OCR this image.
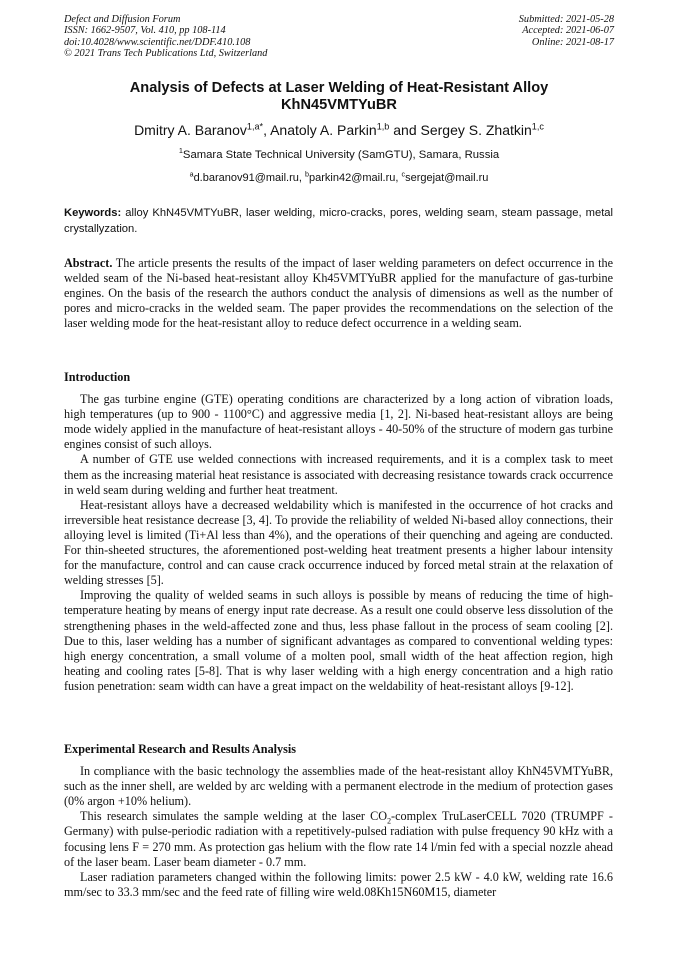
Defect and Diffusion Forum
ISSN: 1662-9507, Vol. 410, pp 108-114
doi:10.4028/www.scientific.net/DDF.410.108
© 2021 Trans Tech Publications Ltd, Switzerland
Submitted: 2021-05-28
Accepted: 2021-06-07
Online: 2021-08-17
Analysis of Defects at Laser Welding of Heat-Resistant Alloy
KhN45VMTYuBR
Dmitry A. Baranov$^{1,a*}$, Anatoly A. Parkin$^{1,b}$ and Sergey S. Zhatkin$^{1,c}$
$^1$Samara State Technical University (SamGTU), Samara, Russia
$^a$d.baranov91@mail.ru, $^b$parkin42@mail.ru, $^c$sergejat@mail.ru
Keywords: alloy KhN45VMTYuBR, laser welding, micro-cracks, pores, welding seam, steam passage, metal crystallyzation.

Abstract. The article presents the results of the impact of laser welding parameters on defect occurrence in the welded seam of the Ni-based heat-resistant alloy Kh45VMTYuBR applied for the manufacture of gas-turbine engines. On the basis of the research the authors conduct the analysis of dimensions as well as the number of pores and micro-cracks in the welded seam. The paper provides the recommendations on the selection of the laser welding mode for the heat-resistant alloy to reduce defect occurrence in a welding seam.

Introduction

The gas turbine engine (GTE) operating conditions are characterized by a long action of vibration loads, high temperatures (up to 900 - 1100°C) and aggressive media [1, 2]. Ni-based heat-resistant alloys are being mode widely applied in the manufacture of heat-resistant alloys - 40-50% of the structure of modern gas turbine engines consist of such alloys.

A number of GTE use welded connections with increased requirements, and it is a complex task to meet them as the increasing material heat resistance is associated with decreasing resistance towards crack occurrence in weld seam during welding and further heat treatment.

Heat-resistant alloys have a decreased weldability which is manifested in the occurrence of hot cracks and irreversible heat resistance decrease [3, 4]. To provide the reliability of welded Ni-based alloy connections, their alloying level is limited (Ti+Al less than 4%), and the operations of their quenching and ageing are conducted. For thin-sheeted structures, the aforementioned post-welding heat treatment presents a higher labour intensity for the manufacture, control and can cause crack occurrence induced by forced metal strain at the relaxation of welding stresses [5].

Improving the quality of welded seams in such alloys is possible by means of reducing the time of high-temperature heating by means of energy input rate decrease. As a result one could observe less dissolution of the strengthening phases in the weld-affected zone and thus, less phase fallout in the process of seam cooling [2]. Due to this, laser welding has a number of significant advantages as compared to conventional welding types: high energy concentration, a small volume of a molten pool, small width of the heat affection region, high heating and cooling rates [5-8]. That is why laser welding with a high energy concentration and a high ratio fusion penetration: seam width can have a great impact on the weldability of heat-resistant alloys [9-12].

Experimental Research and Results Analysis

In compliance with the basic technology the assemblies made of the heat-resistant alloy KhN45VMTYuBR, such as the inner shell, are welded by arc welding with a permanent electrode in the medium of protection gases (0% argon +10% helium).

This research simulates the sample welding at the laser $CO_2$-complex TruLaserCELL 7020 (TRUMPF - Germany) with pulse-periodic radiation with a repetitively-pulsed radiation with pulse frequency 90 kHz with a focusing lens F = 270 mm. As protection gas helium with the flow rate 14 l/min fed with a special nozzle ahead of the laser beam. Laser beam diameter - 0.7 mm.

Laser radiation parameters changed within the following limits: power 2.5 kW - 4.0 kW, welding rate 16.6 mm/sec to 33.3 mm/sec and the feed rate of filling wire weld.08Kh15N60M15, diameter
